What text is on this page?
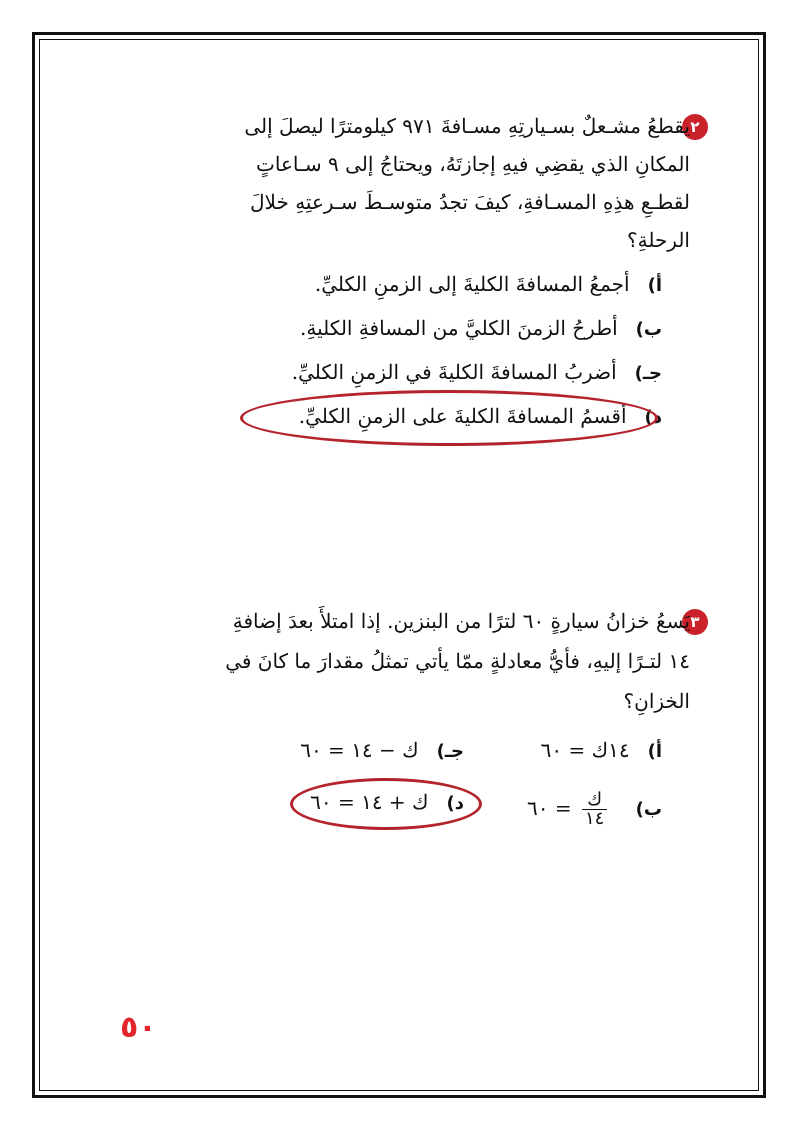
٢
يقطعُ مشـعلٌ بسـيارتِهِ مسـافةَ ٩٧١ كيلومترًا ليصلَ إلى
المكانِ الذي يقضِي فيهِ إجازتَهُ، ويحتاجُ إلى ٩ سـاعاتٍ
لقطـعِ هذِهِ المسـافةِ، كيفَ تجدُ متوسـطَ سـرعتِهِ خلالَ
الرحلةِ؟
أ)أجمعُ المسافةَ الكليةَ إلى الزمنِ الكليِّ.
ب)أطرحُ الزمنَ الكليَّ من المسافةِ الكليةِ.
جـ)أضربُ المسافةَ الكليةَ في الزمنِ الكليِّ.
د)أقسمُ المسافةَ الكليةَ على الزمنِ الكليِّ.
٣
يَسعُ خزانُ سيارةٍ ٦٠ لترًا من البنزين. إذا امتلأَ بعدَ إضافةِ
١٤ لتـرًا إليهِ، فأيُّ معادلةٍ ممّا يأتي تمثلُ مقدارَ ما كانَ في
الخزانِ؟
أ)١٤ك = ٦٠
جـ)ك − ١٤ = ٦٠
ب)
$\frac{\text{ك}}{١٤}$
= ٦٠
د)ك + ١٤ = ٦٠
٥٠
